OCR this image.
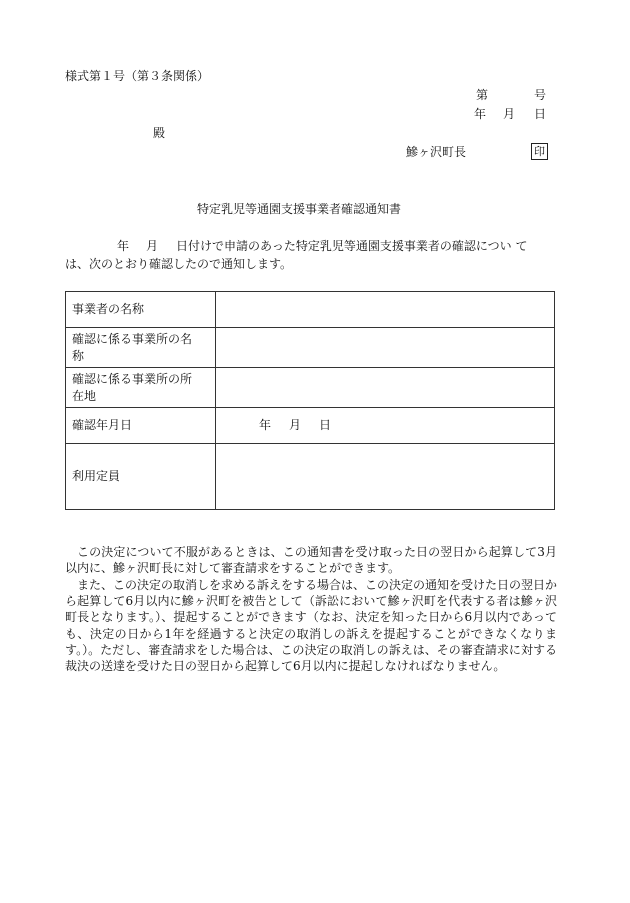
様式第１号（第３条関係）
第	号
年 月 日
殿
鰺ヶ沢町長	印
特定乳児等通園支援事業者確認通知書
年 月 日付けで申請のあった特定乳児等通園支援事業者の確認につい て
は、次のとおり確認したので通知します。
事業者の名称	

確認に係る事業所の名
称	

確認に係る事業所の所
在地	

確認年月日	年 月 日
利用定員	

この決定について不服があるときは、この通知書を受け取った日の翌日から起算して3月以内に、鰺ヶ沢町長に対して審査請求をすることができます。

また、この決定の取消しを求める訴えをする場合は、この決定の通知を受けた日の翌日から起算して6月以内に鰺ヶ沢町を被告として（訴訟において鰺ヶ沢町を代表する者は鰺ヶ沢町長となります。）、提起することができます（なお、決定を知った日から6月以内であっても、決定の日から1年を経過すると決定の取消しの訴えを提起することができなくなります。）。ただし、審査請求をした場合は、この決定の取消しの訴えは、その審査請求に対する裁決の送達を受けた日の翌日から起算して6月以内に提起しなければなりません。
